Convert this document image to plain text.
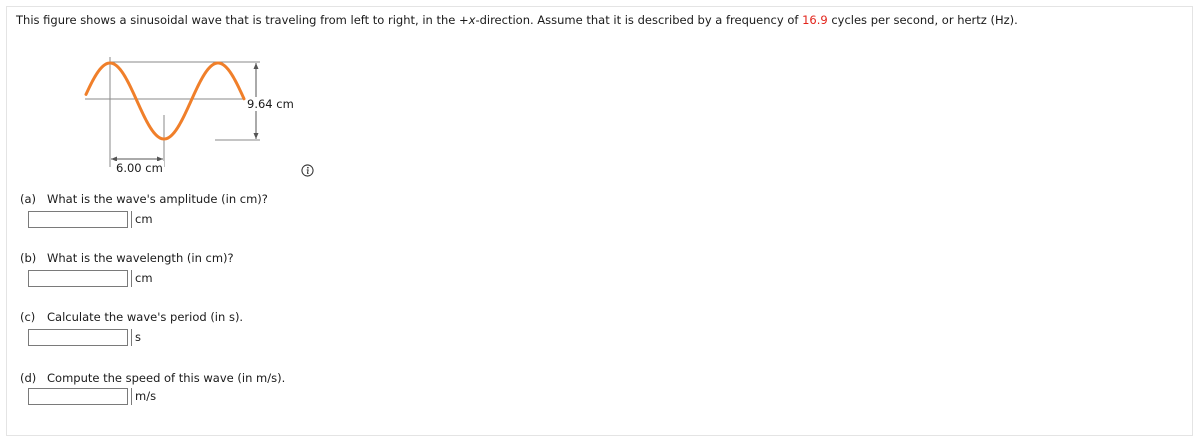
This figure shows a sinusoidal wave that is traveling from left to right, in the +x-direction. Assume that it is described by a frequency of 16.9 cycles per second, or hertz (Hz).
9.64 cm
6.00 cm
(a) What is the wave's amplitude (in cm)?
cm
(b) What is the wavelength (in cm)?
cm
(c) Calculate the wave's period (in s).
s
(d) Compute the speed of this wave (in m/s).
m/s
